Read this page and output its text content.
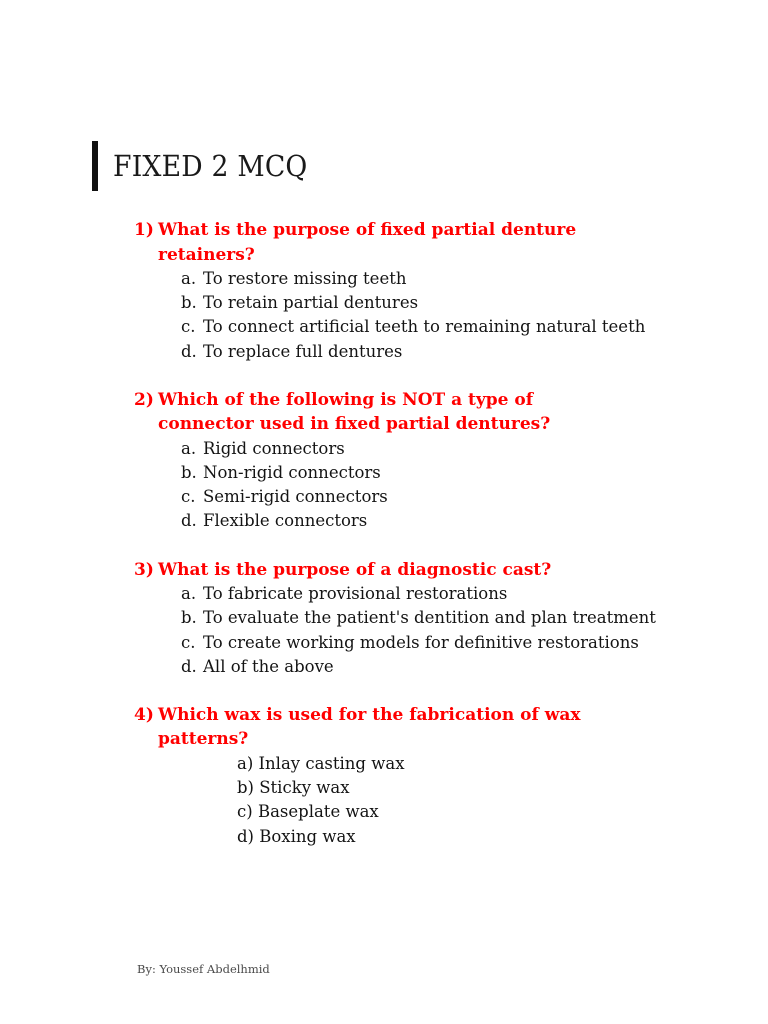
FIXED 2 MCQ
1) What is the purpose of fixed partial denture retainers?
a. To restore missing teeth
b. To retain partial dentures
c. To connect artificial teeth to remaining natural teeth
d. To replace full dentures
2) Which of the following is NOT a type of connector used in fixed partial dentures?
a. Rigid connectors
b. Non-rigid connectors
c. Semi-rigid connectors
d. Flexible connectors
3) What is the purpose of a diagnostic cast?
a. To fabricate provisional restorations
b. To evaluate the patient's dentition and plan treatment
c. To create working models for definitive restorations
d. All of the above
4) Which wax is used for the fabrication of wax patterns?
a) Inlay casting wax
b) Sticky wax
c) Baseplate wax
d) Boxing wax
By: Youssef Abdelhmid
